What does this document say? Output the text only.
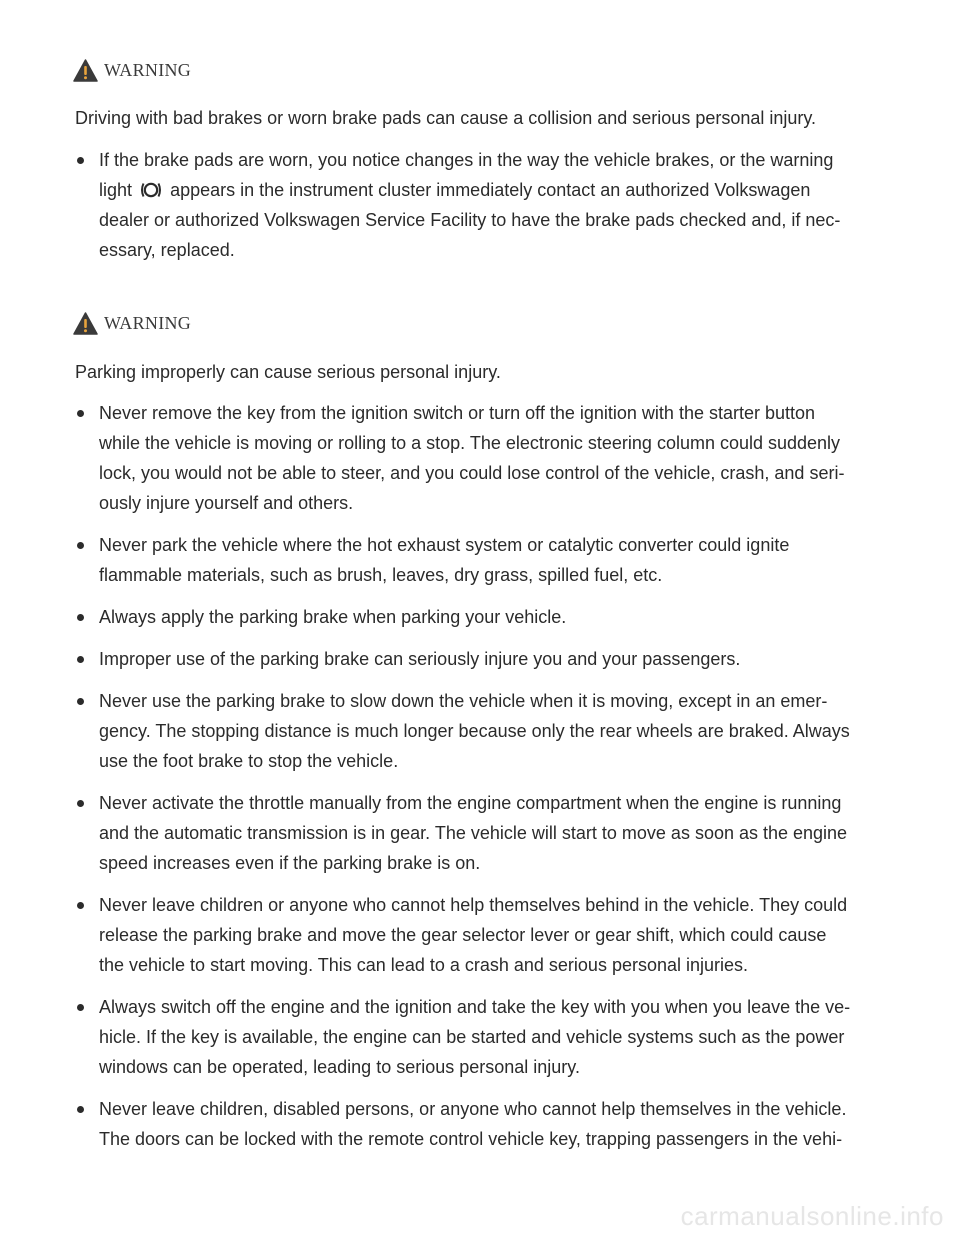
WARNING
Driving with bad brakes or worn brake pads can cause a collision and serious personal injury.
If the brake pads are worn, you notice changes in the way the vehicle brakes, or the warning
light appears in the instrument cluster immediately contact an authorized Volkswagen
dealer or authorized Volkswagen Service Facility to have the brake pads checked and, if nec-
essary, replaced.
WARNING
Parking improperly can cause serious personal injury.
Never remove the key from the ignition switch or turn off the ignition with the starter button
while the vehicle is moving or rolling to a stop. The electronic steering column could suddenly
lock, you would not be able to steer, and you could lose control of the vehicle, crash, and seri-
ously injure yourself and others.
Never park the vehicle where the hot exhaust system or catalytic converter could ignite
flammable materials, such as brush, leaves, dry grass, spilled fuel, etc.
Always apply the parking brake when parking your vehicle.
Improper use of the parking brake can seriously injure you and your passengers.
Never use the parking brake to slow down the vehicle when it is moving, except in an emer-
gency. The stopping distance is much longer because only the rear wheels are braked. Always
use the foot brake to stop the vehicle.
Never activate the throttle manually from the engine compartment when the engine is running
and the automatic transmission is in gear. The vehicle will start to move as soon as the engine
speed increases even if the parking brake is on.
Never leave children or anyone who cannot help themselves behind in the vehicle. They could
release the parking brake and move the gear selector lever or gear shift, which could cause
the vehicle to start moving. This can lead to a crash and serious personal injuries.
Always switch off the engine and the ignition and take the key with you when you leave the ve-
hicle. If the key is available, the engine can be started and vehicle systems such as the power
windows can be operated, leading to serious personal injury.
Never leave children, disabled persons, or anyone who cannot help themselves in the vehicle.
The doors can be locked with the remote control vehicle key, trapping passengers in the vehi-
carmanualsonline.info
